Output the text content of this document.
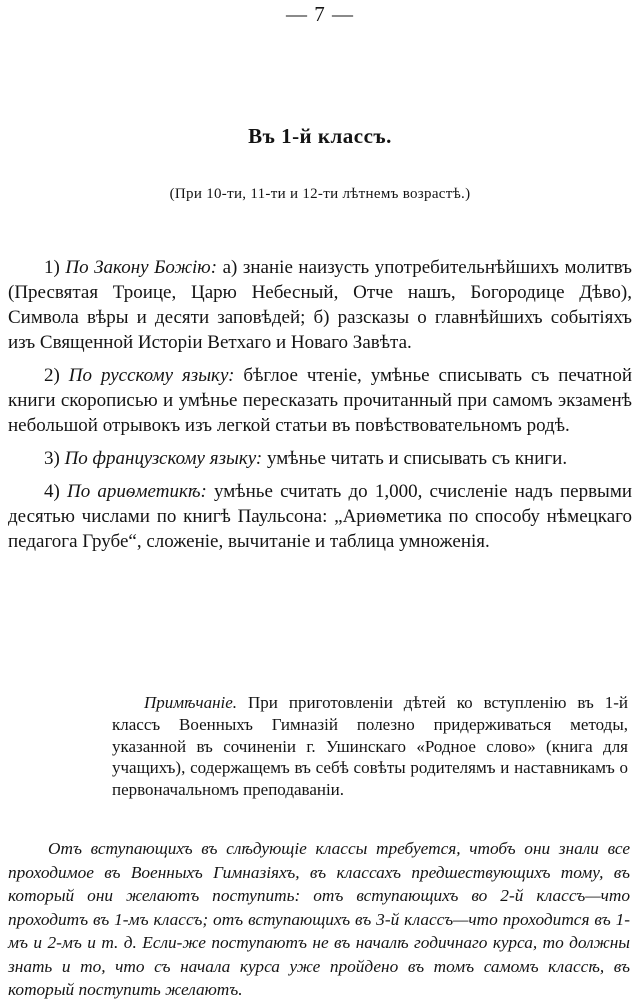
— 7 —
Въ 1-й классъ.
(При 10-ти, 11-ти и 12-ти лѣтнемъ возрастѣ.)

1) По Закону Божію: а) знаніе наизусть употребительнѣйшихъ молитвъ (Пресвятая Троице, Царю Небесный, Отче нашъ, Богородице Дѣво), Символа вѣры и десяти заповѣдей; б) разсказы о главнѣйшихъ событіяхъ изъ Священной Исторіи Ветхаго и Новаго Завѣта.

2) По русскому языку: бѣглое чтеніе, умѣнье списывать съ печатной книги скорописью и умѣнье пересказать прочитанный при самомъ экзаменѣ небольшой отрывокъ изъ легкой статьи въ повѣствовательномъ родѣ.

3) По французскому языку: умѣнье читать и списывать съ книги.

4) По ариѳметикѣ: умѣнье считать до 1,000, счисленіе надъ первыми десятью числами по книгѣ Паульсона: „Ариѳметика по способу нѣмецкаго педагога Грубе“, сложеніе, вычитаніе и таблица умноженія.

Примѣчаніе. При приготовленіи дѣтей ко вступленію въ 1-й классъ Военныхъ Гимназій полезно придерживаться методы, указанной въ сочиненіи г. Ушинскаго «Родное слово» (книга для учащихъ), содержащемъ въ себѣ совѣты родителямъ и наставникамъ о первоначальномъ преподаваніи.

Отъ вступающихъ въ слѣдующіе классы требуется, чтобъ они знали все проходимое въ Военныхъ Гимназіяхъ, въ классахъ предшествующихъ тому, въ который они желаютъ поступить: отъ вступающихъ во 2-й классъ—что проходитъ въ 1-мъ классъ; отъ вступающихъ въ 3-й классъ—что проходится въ 1-мъ и 2-мъ и т. д. Если-же поступаютъ не въ началѣ годичнаго курса, то должны знать и то, что съ начала курса уже пройдено въ томъ самомъ классѣ, въ который поступить желаютъ.
